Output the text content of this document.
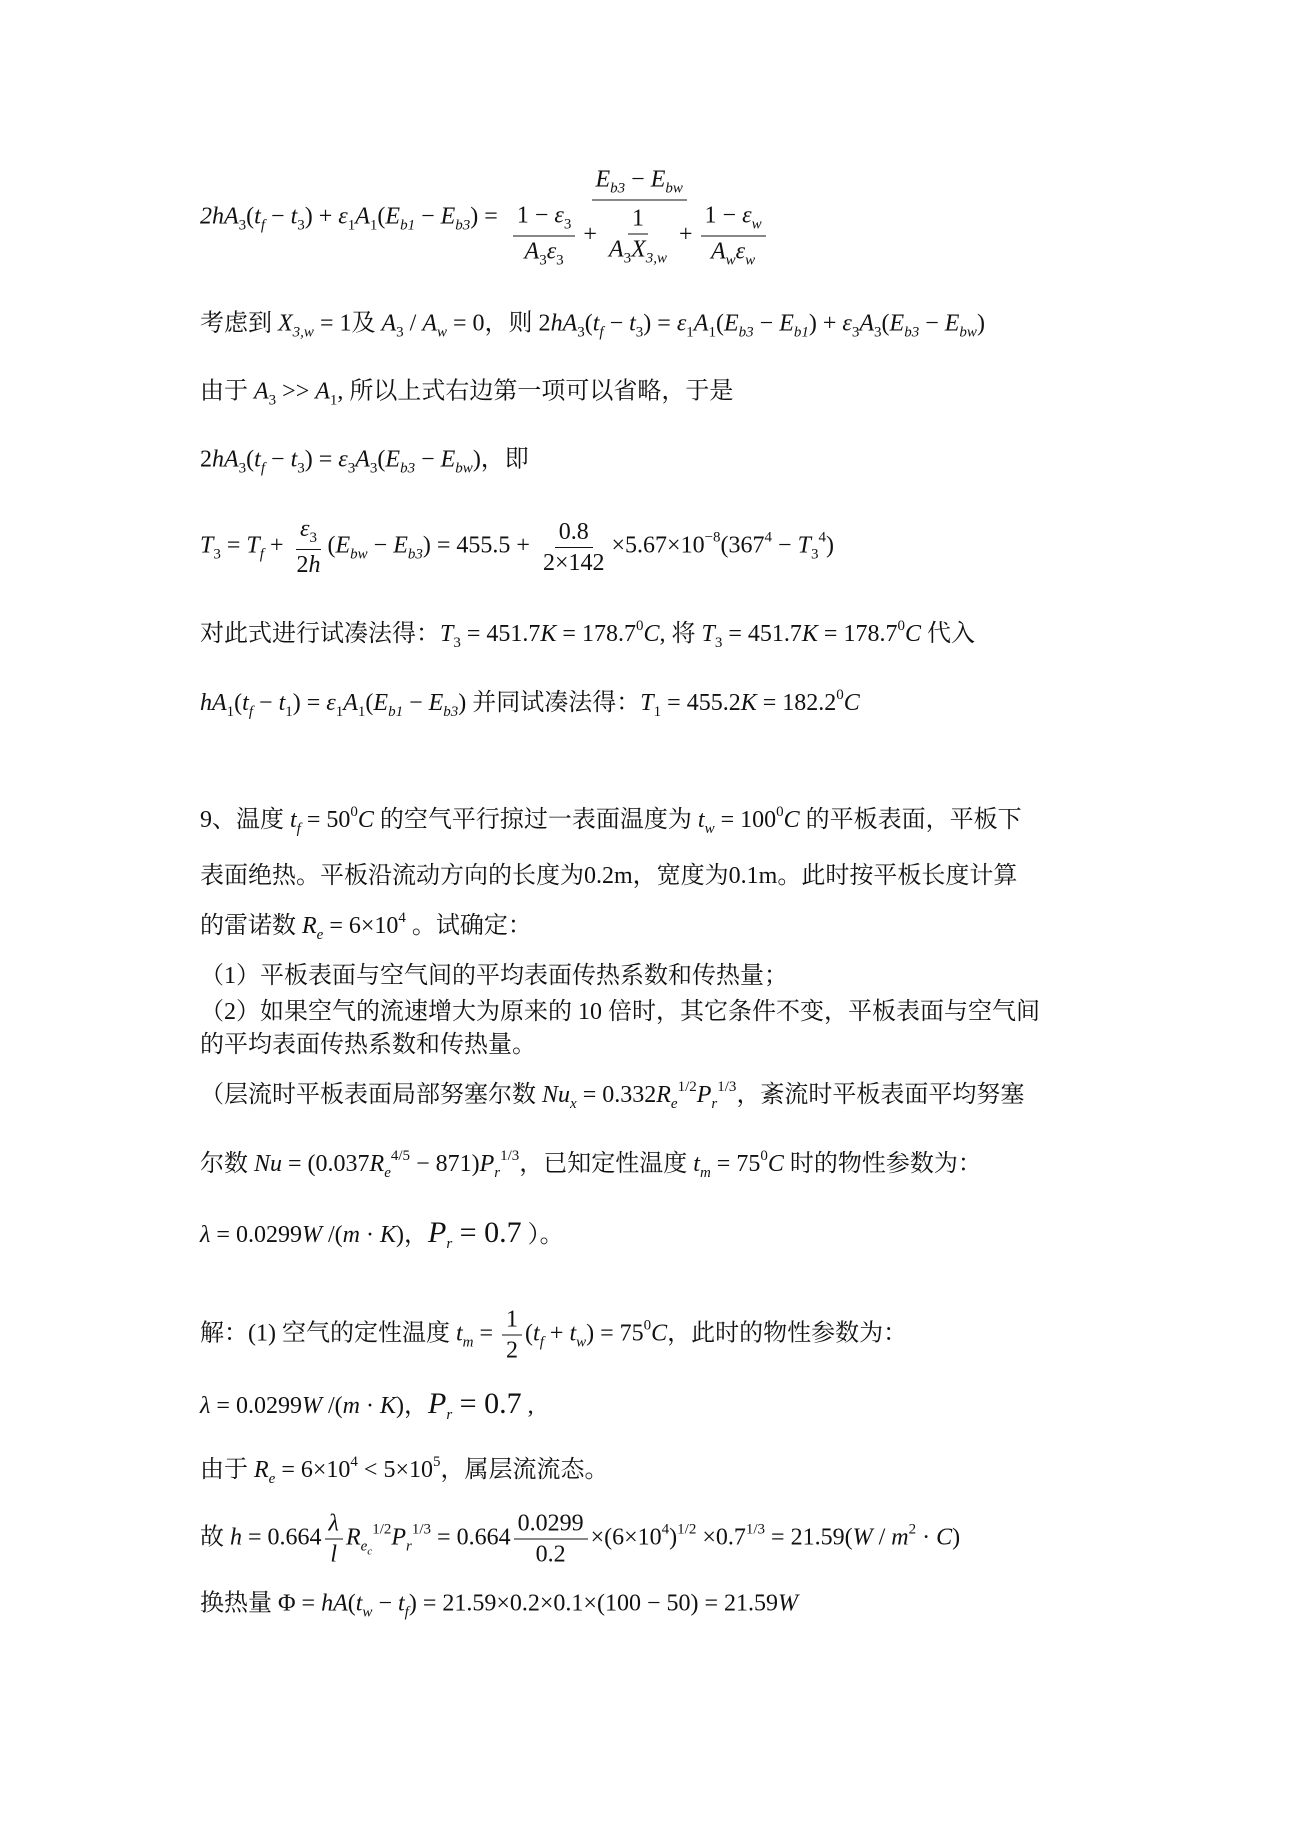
$2hA_3(t_f - t_3) + \varepsilon_1A_1(E_{b1} - E_{b3}) = \frac{E_{b3} - E_{bw}}{\frac{1 - \varepsilon_3}{A_3\varepsilon_3} + \frac{1}{A_3X_{3,w}} + \frac{1 - \varepsilon_w}{A_w\varepsilon_w}}$
考虑到 $X_{3,w} = 1$及 $A_3 / A_w = 0$，则 $2hA_3(t_f - t_3) = \varepsilon_1A_1(E_{b3} - E_{b1}) + \varepsilon_3A_3(E_{b3} - E_{bw})$
由于 $A_3 >> A_1$, 所以上式右边第一项可以省略，于是
$2hA_3(t_f - t_3) = \varepsilon_3A_3(E_{b3} - E_{bw})$，即
$T_3 = T_f + \frac{\varepsilon_3}{2h} (E_{bw} - E_{b3}) = 455.5 + \frac{0.8}{2\times 142} \times 5.67\times 10^{-8}(367^4 - T_3^4)$
对此式进行试凑法得：$T_3 = 451.7K = 178.7^0C$, 将 $T_3 = 451.7K = 178.7^0C$ 代入
$hA_1(t_f - t_1) = \varepsilon_1A_1(E_{b1} - E_{b3})$ 并同试凑法得：$T_1 = 455.2K = 182.2^0C$
9、温度 $t_f = 50^0C$ 的空气平行掠过一表面温度为 $t_w = 100^0C$ 的平板表面，平板下
表面绝热。平板沿流动方向的长度为0.2m，宽度为0.1m。此时按平板长度计算
的雷诺数 $R_e = 6\times 10^4$ 。试确定：
（1）平板表面与空气间的平均表面传热系数和传热量；
（2）如果空气的流速增大为原来的 10 倍时，其它条件不变，平板表面与空气间
的平均表面传热系数和传热量。
（层流时平板表面局部努塞尔数 $Nu_x = 0.332R_e^{1/2}P_r^{1/3}$，紊流时平板表面平均努塞
尔数 $Nu = (0.037R_e^{4/5} - 871)P_r^{1/3}$，已知定性温度 $t_m = 75^0C$ 时的物性参数为：
λ = 0.0299W /(m · K)，$P_r = 0.7$ ）。
解：(1) 空气的定性温度 $t_m = \frac{1}{2} (t_f + t_w) = 75^0C$，此时的物性参数为：
λ = 0.0299W /(m · K)，$P_r = 0.7$ ,
由于 $R_e = 6\times 10^4 < 5\times 10^5$，属层流流态。
故 $h = 0.664 \frac{\lambda}{l} R_{ec}^{1/2}P_r^{1/3} = 0.664 \frac{0.0299}{0.2} \times(6\times 10^4)^{1/2} \times 0.7^{1/3} = 21.59(W / m^2 \cdot C)$
换热量 $\Phi = hA(t_w - t_f) = 21.59\times 0.2\times 0.1\times(100 - 50) = 21.59W$
